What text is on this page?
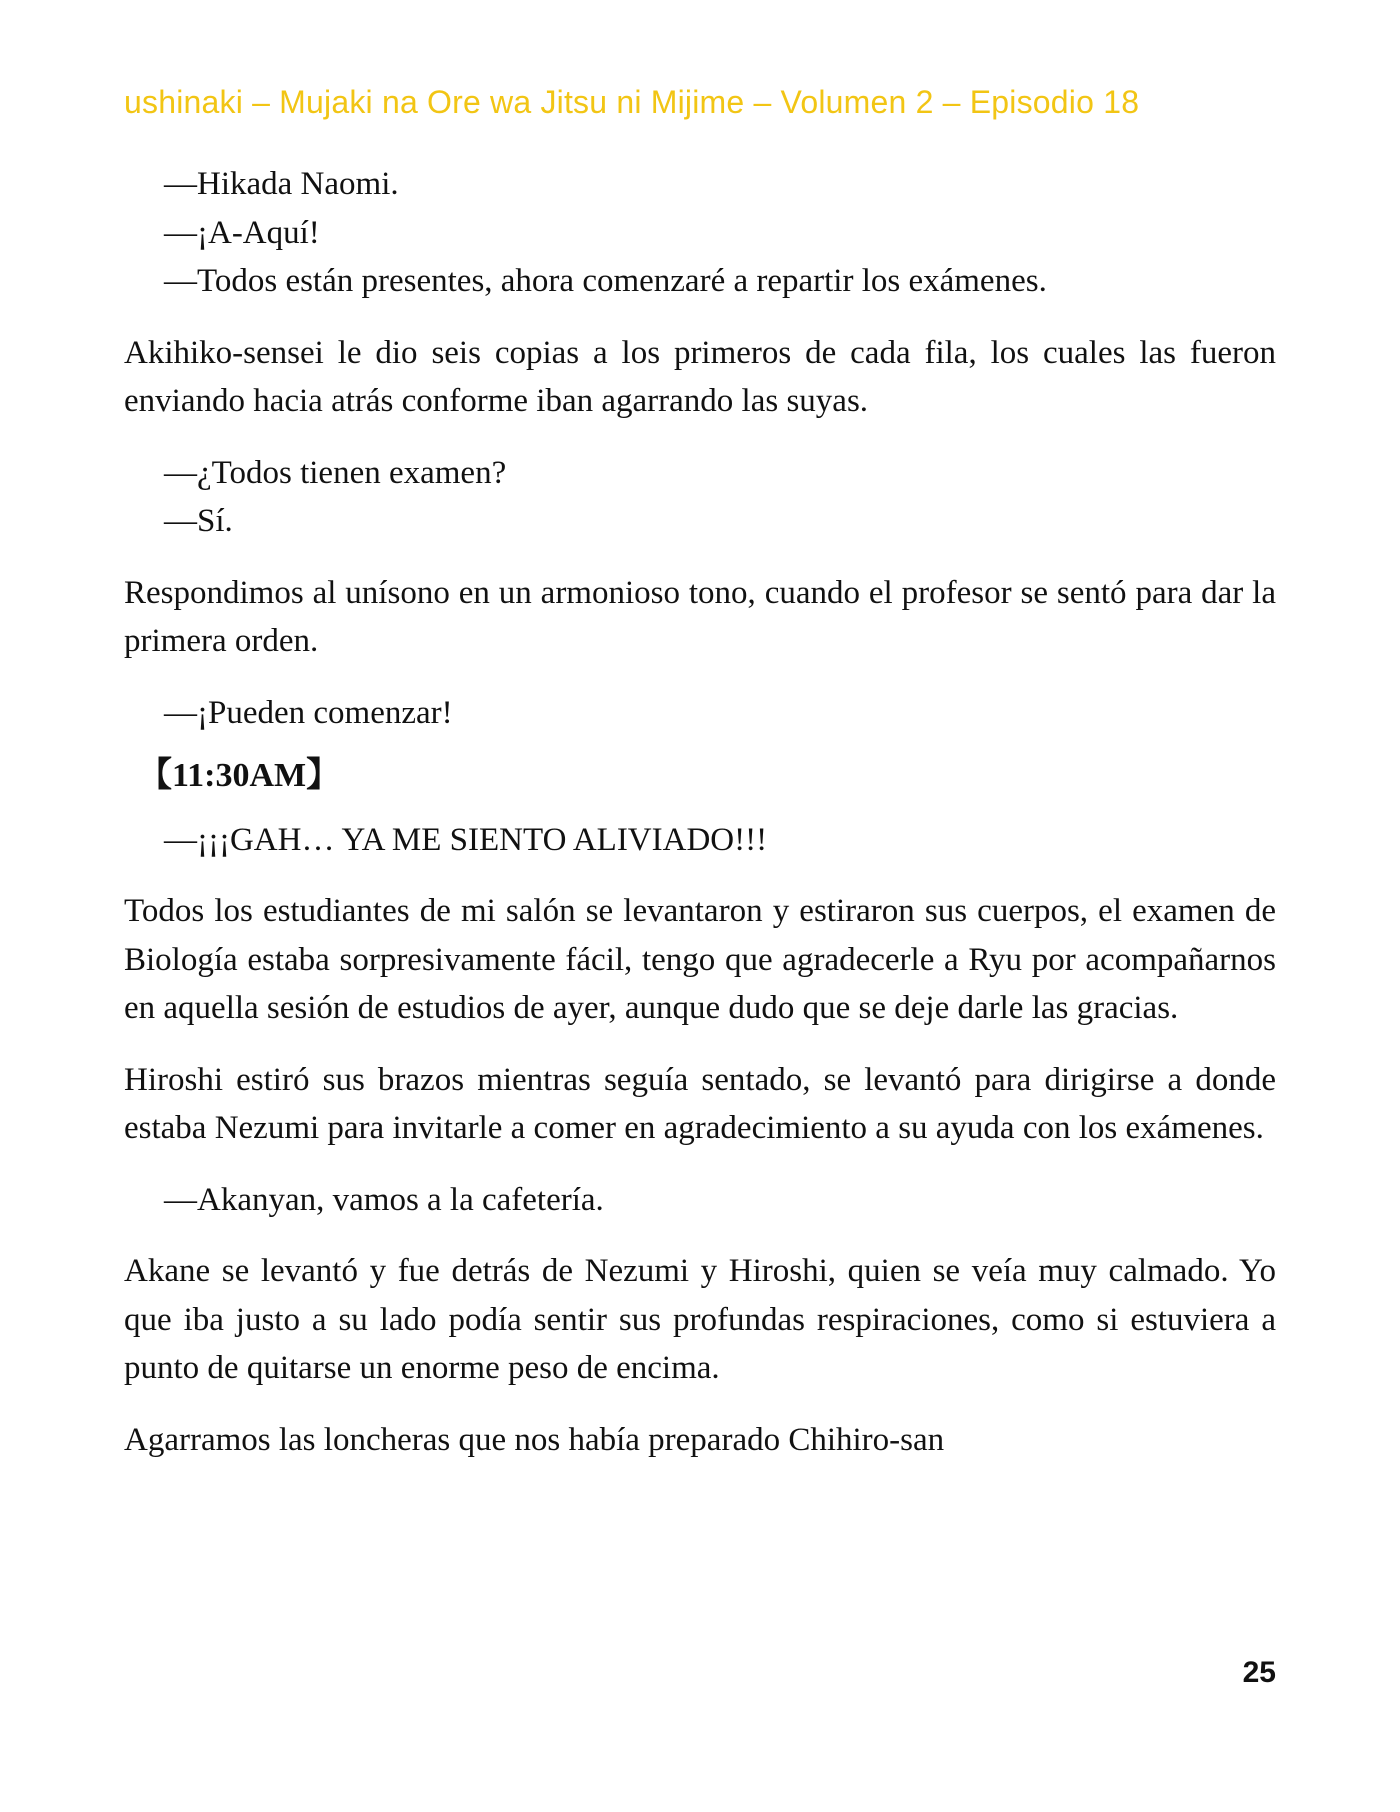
ushinaki – Mujaki na Ore wa Jitsu ni Mijime – Volumen 2 – Episodio 18

—Hikada Naomi.

—¡A-Aquí!

—Todos están presentes, ahora comenzaré a repartir los exámenes.

Akihiko-sensei le dio seis copias a los primeros de cada fila, los cuales las fueron enviando hacia atrás conforme iban agarrando las suyas.

—¿Todos tienen examen?

—Sí.

Respondimos al unísono en un armonioso tono, cuando el profesor se sentó para dar la primera orden.

—¡Pueden comenzar!

【11:30AM】

—¡¡¡GAH… YA ME SIENTO ALIVIADO!!!

Todos los estudiantes de mi salón se levantaron y estiraron sus cuerpos, el examen de Biología estaba sorpresivamente fácil, tengo que agradecerle a Ryu por acompañarnos en aquella sesión de estudios de ayer, aunque dudo que se deje darle las gracias.

Hiroshi estiró sus brazos mientras seguía sentado, se levantó para dirigirse a donde estaba Nezumi para invitarle a comer en agradecimiento a su ayuda con los exámenes.

—Akanyan, vamos a la cafetería.

Akane se levantó y fue detrás de Nezumi y Hiroshi, quien se veía muy calmado. Yo que iba justo a su lado podía sentir sus profundas respiraciones, como si estuviera a punto de quitarse un enorme peso de encima.

Agarramos las loncheras que nos había preparado Chihiro-san

25
